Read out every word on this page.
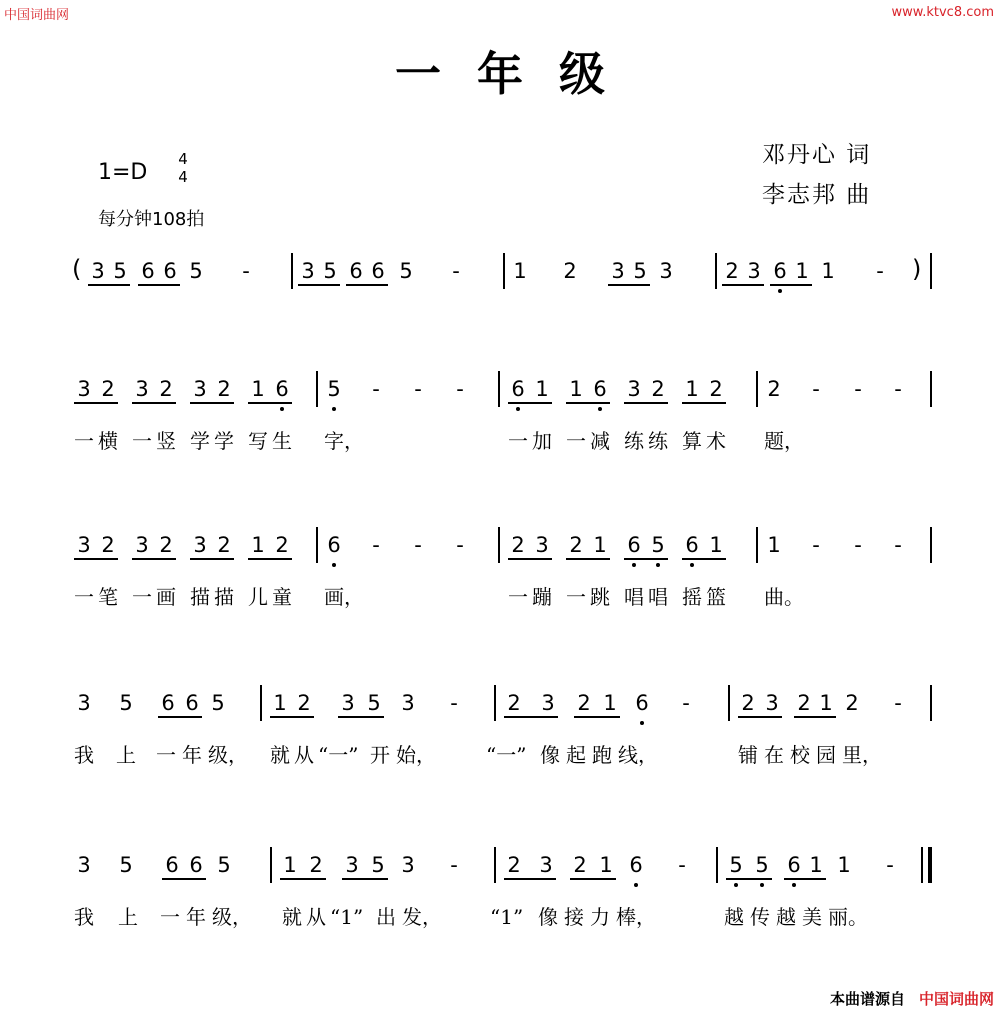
中国词曲网	www.ktvc8.com
一年级
邓丹心 词
李志邦 曲
1=D
4
4
每分钟108拍
( 3 5 6 6 5 - 3 5 6 6 5 -	1 2 3 5 3	2 3 6 1 1 - )
3 2 3 2 3 2 1 6 5 - - - 6 1 1 6 3 2 1 2 2 - - -
一 横 一 竖 学 学 写 生 字，	一 加 一 减 练 练 算 术 题，
3 2 3 2 3 2 1 2 6 - - - 2 3 2 1 6 5 6 1 1 - - -
一 笔 一 画 描 描 儿 童 画，	一 蹦 一 跳 唱 唱 摇 篮 曲。
3 5 6 6 5 1 2 3 5 3 - 2 3 2 1 6 - 2 3 2 1 2 -
我 上 一 年 级， 就 从 “一” 开 始，	“一” 像 起 跑 线，	铺 在 校 园 里，
3 5 6 6 5	1 2 3 5 3 - 2 3 2 1 6 - 5 5 6 1 1 -
我 上 一 年 级， 就 从 “1” 出 发， “1” 像 接 力 棒，	越 传 越 美 丽。
本曲谱源自 中国词曲网
